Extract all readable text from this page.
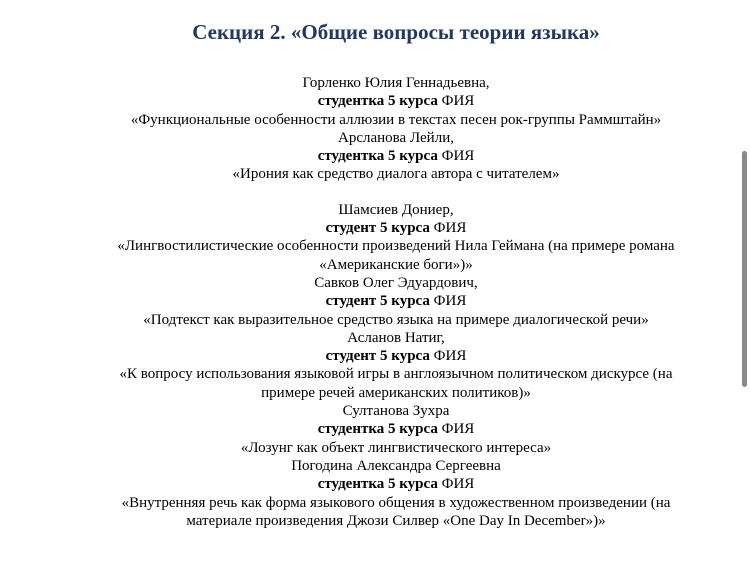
Секция 2. «Общие вопросы теории языка»
Горленко Юлия Геннадьевна,
студентка 5 курса ФИЯ
«Функциональные особенности аллюзии в текстах песен рок-группы Раммштайн»
Арсланова Лейли,
студентка 5 курса ФИЯ
«Ирония как средство диалога автора с читателем»
Шамсиев Дониер,
студент 5 курса ФИЯ
«Лингвостилистические особенности произведений Нила Геймана (на примере романа «Американские боги»)»
Савков Олег Эдуардович,
студент 5 курса ФИЯ
«Подтекст как выразительное средство языка на примере диалогической речи»
Асланов Натиг,
студент 5 курса ФИЯ
«К вопросу использования языковой игры в англоязычном политическом дискурсе (на примере речей американских политиков)»
Султанова Зухра
студентка 5 курса ФИЯ
«Лозунг как объект лингвистического интереса»
Погодина Александра Сергеевна
студентка 5 курса ФИЯ
«Внутренняя речь как форма языкового общения в художественном произведении (на материале произведения Джози Силвер «One Day In December»)»
